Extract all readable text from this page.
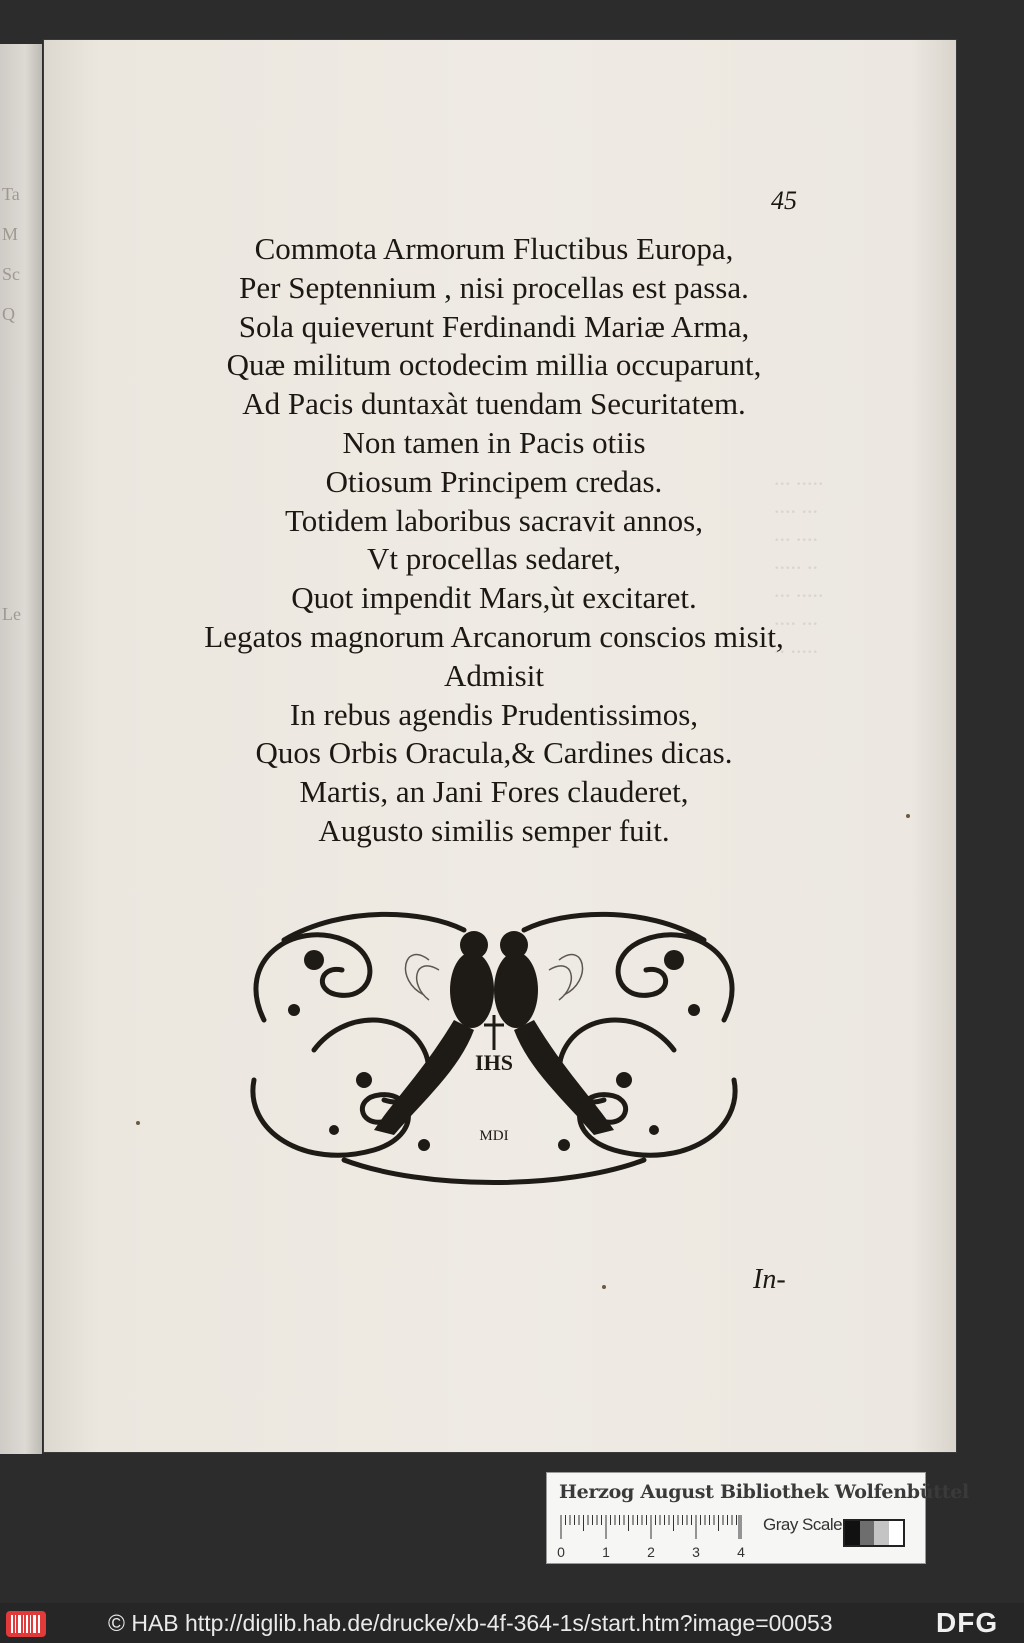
Ta
M
Sc
Q
Le
∙∙∙ ∙∙∙∙∙
∙∙∙∙ ∙∙∙
∙∙∙ ∙∙∙∙
∙∙∙∙∙ ∙∙
∙∙∙ ∙∙∙∙∙
∙∙∙∙ ∙∙∙
∙∙ ∙∙∙∙∙
45
Commota Armorum Fluctibus Europa,
Per Septennium , nisi procellas est passa.
Sola quieverunt Ferdinandi Mariæ Arma,
Quæ militum octodecim millia occuparunt,
Ad Pacis duntaxàt tuendam Securitatem.
Non tamen in Pacis otiis
Otiosum Principem credas.
Totidem laboribus sacravit annos,
Vt procellas sedaret,
Quot impendit Mars,ùt excitaret.
Legatos magnorum Arcanorum conscios misit,
Admisit
In rebus agendis Prudentissimos,
Quos Orbis Oracula,& Cardines dicas.
Martis, an Jani Fores clauderet,
Augusto similis semper fuit.
IHS
MDI
In-
Herzog August Bibliothek Wolfenbüttel
0	1	2	3	4
Gray Scale
© HAB http://diglib.hab.de/drucke/xb-4f-364-1s/start.htm?image=00053	DFG
